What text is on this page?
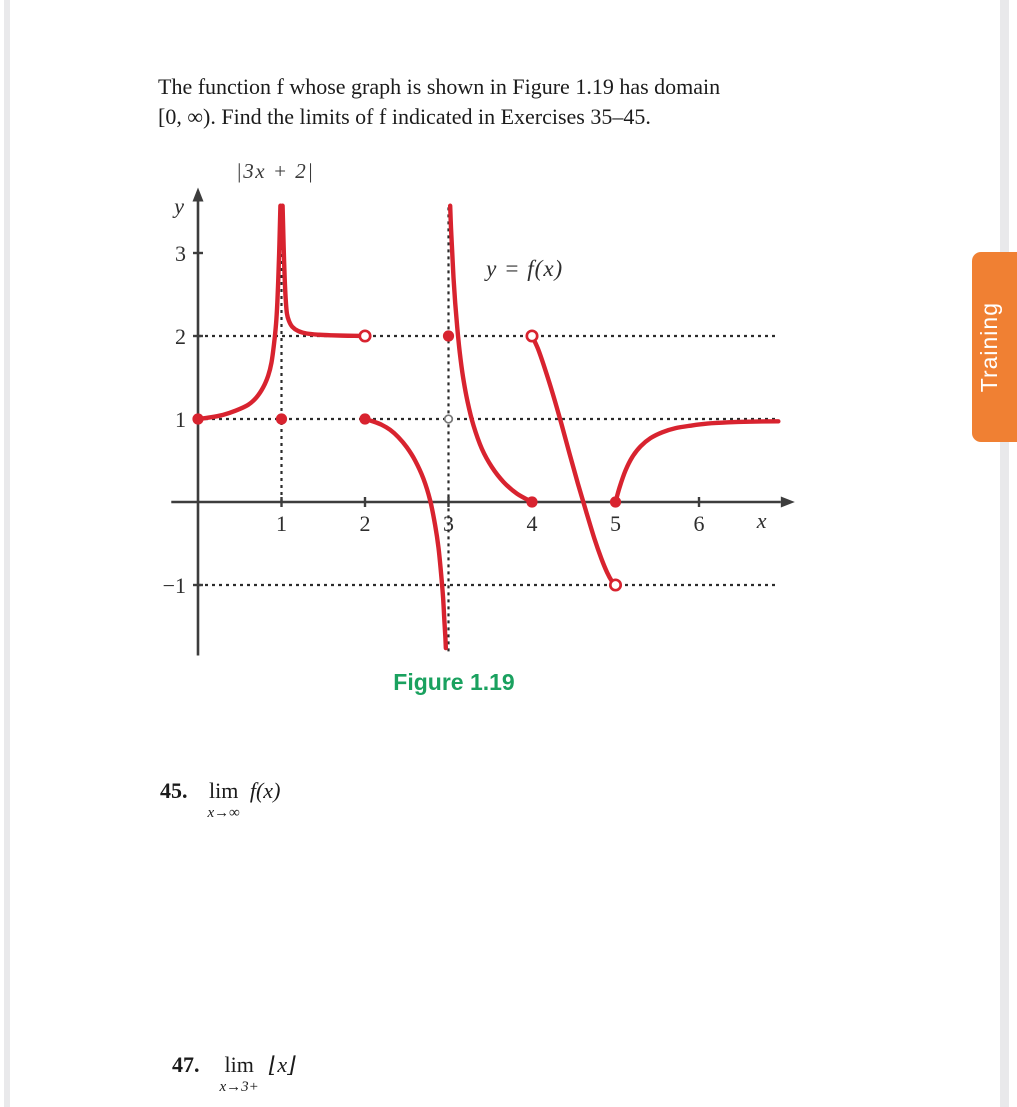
The function f whose graph is shown in Figure 1.19 has domain
[0, ∞). Find the limits of f indicated in Exercises 35–45.

|3x + 2|
1	2	3	4	5	6
3
2
1
−1
y
x
y = f(x)
Figure 1.19
45. lim
x→∞
f(x)
47. lim
x→3+
⌊x⌋
Training
